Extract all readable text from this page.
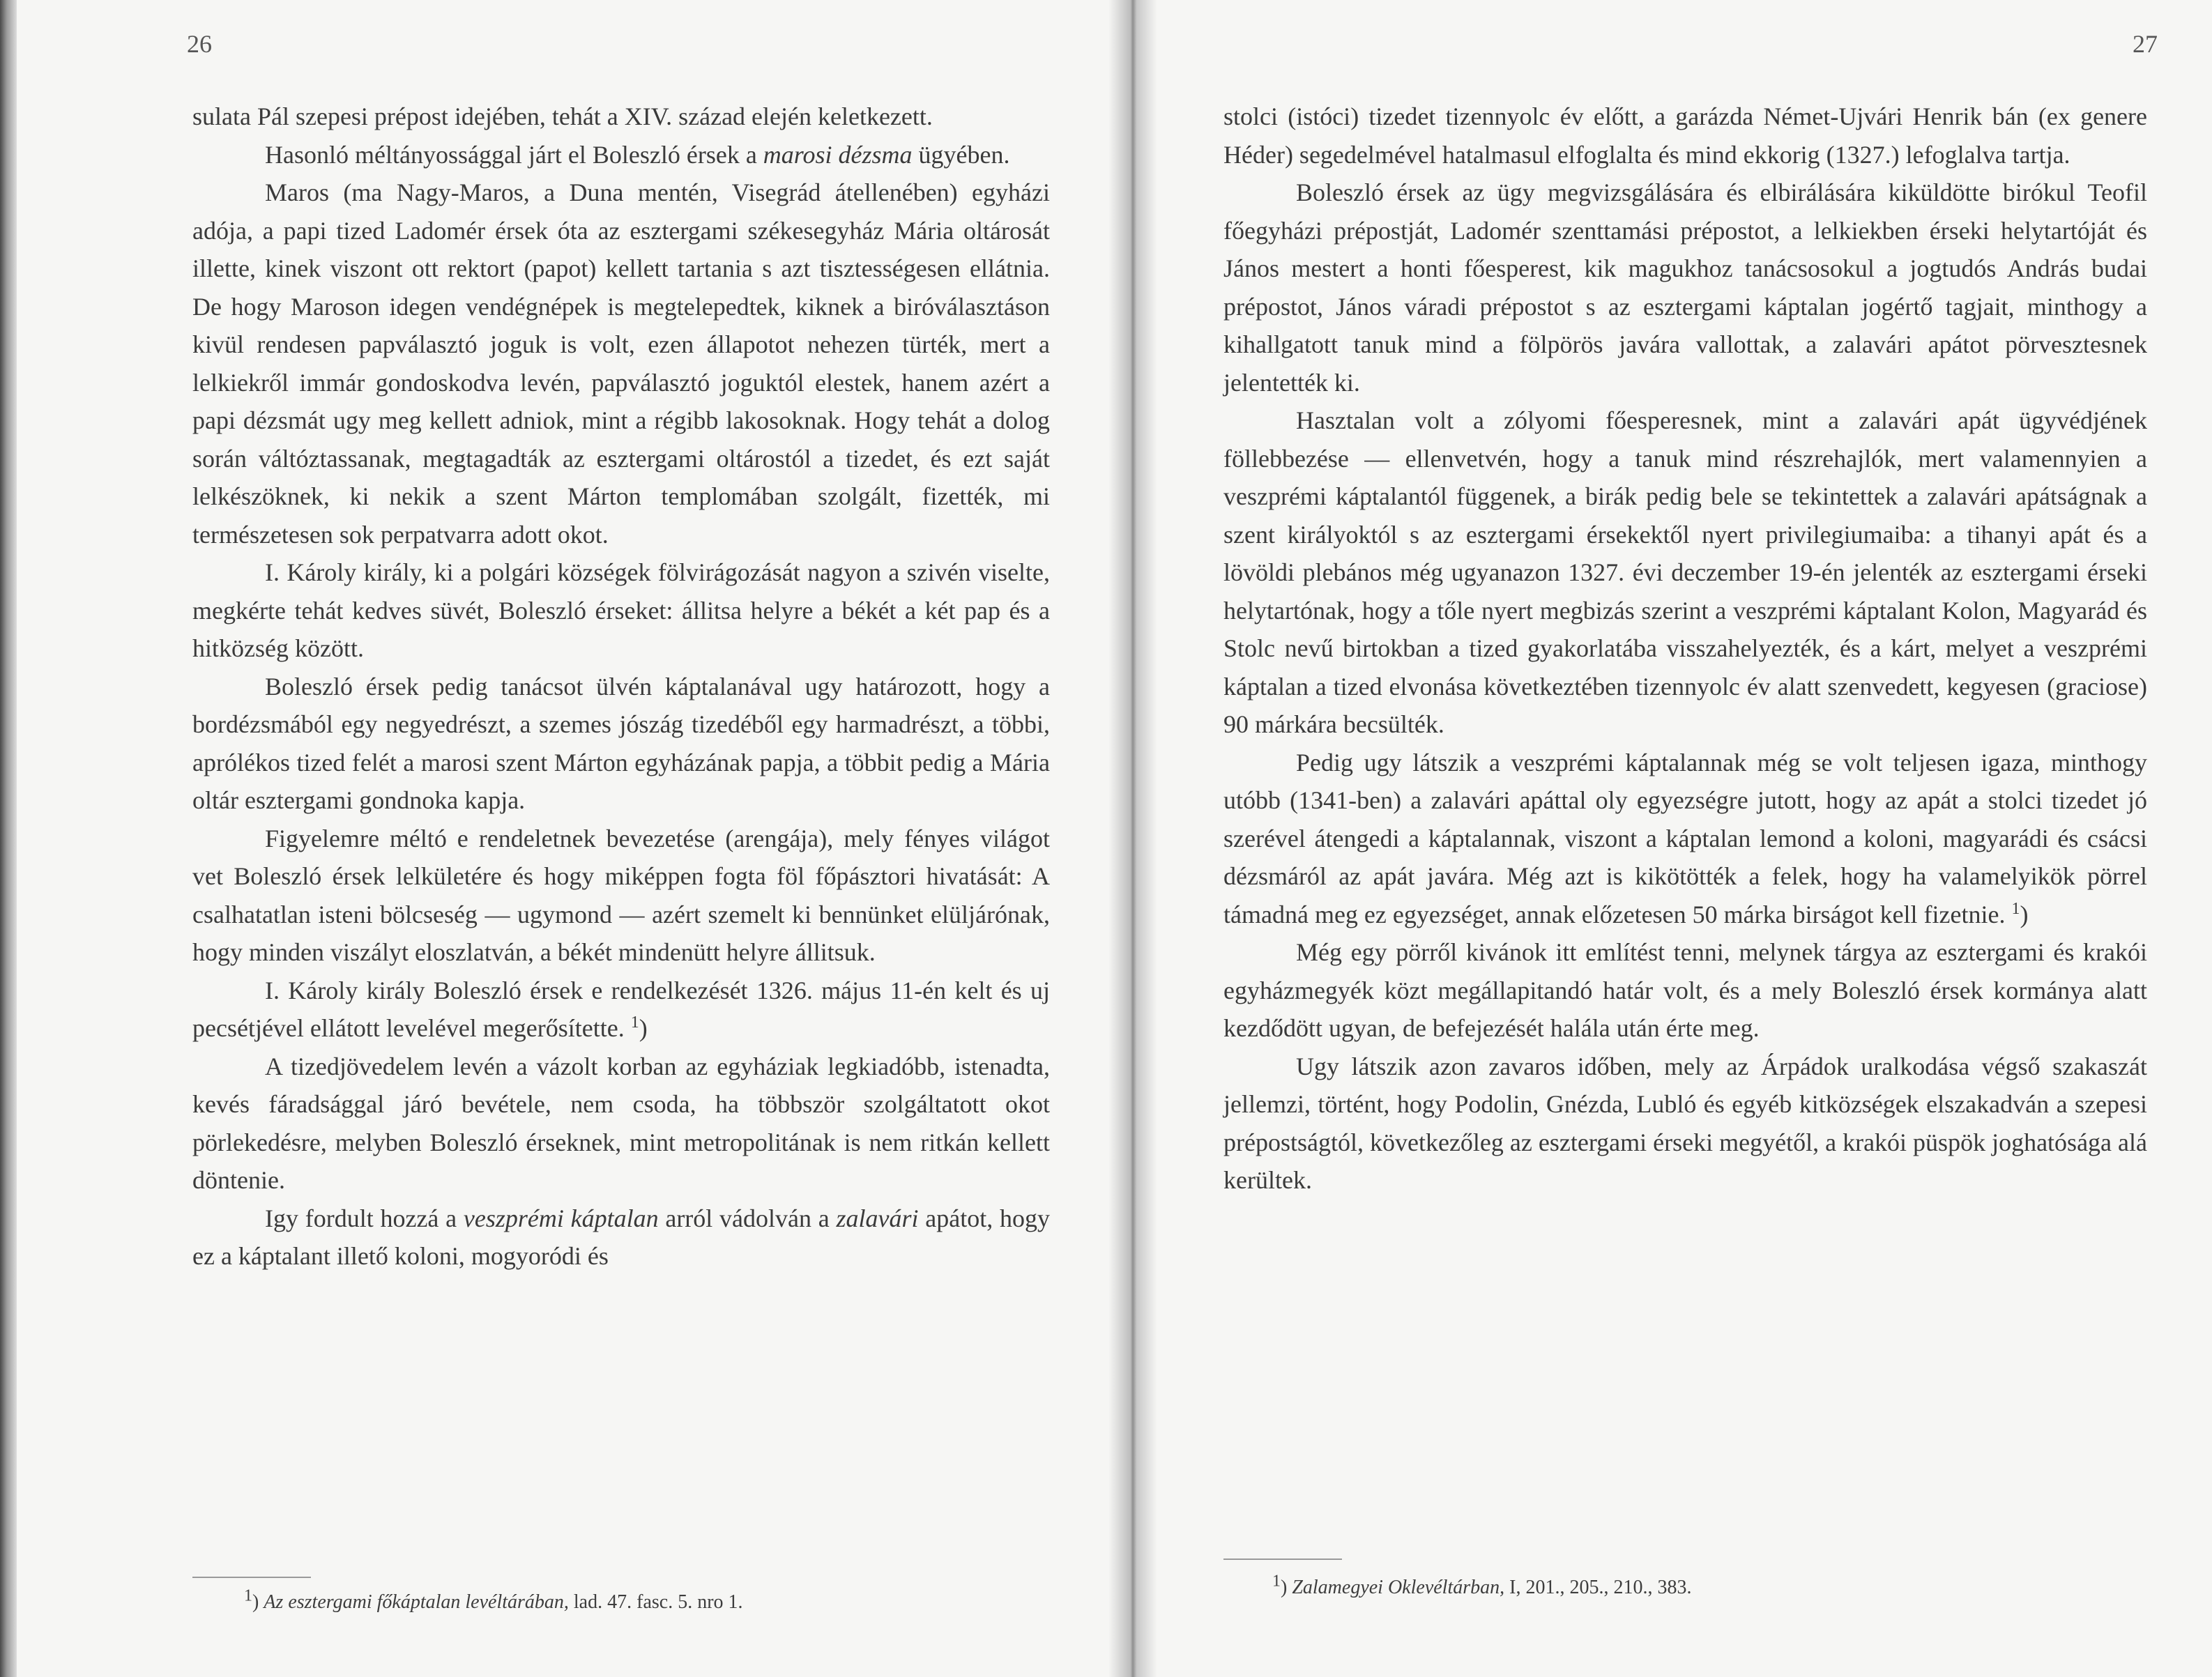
26

sulata Pál szepesi prépost idejében, tehát a XIV. század elején keletkezett.

Hasonló méltányossággal járt el Boleszló érsek a marosi dézsma ügyében.

Maros (ma Nagy-Maros, a Duna mentén, Visegrád átellenében) egyházi adója, a papi tized Ladomér érsek óta az esztergami székesegyház Mária oltárosát illette, kinek viszont ott rektort (papot) kellett tartania s azt tisztességesen ellátnia. De hogy Maroson idegen vendégnépek is megtelepedtek, kiknek a biróválasztáson kivül rendesen papválasztó joguk is volt, ezen állapotot nehezen türték, mert a lelkiekről immár gondoskodva levén, papválasztó joguktól elestek, hanem azért a papi dézsmát ugy meg kellett adniok, mint a régibb lakosoknak. Hogy tehát a dolog során váltóztassanak, megtagadták az esztergami oltárostól a tizedet, és ezt saját lelkészöknek, ki nekik a szent Márton templomában szolgált, fizették, mi természetesen sok perpatvarra adott okot.

I. Károly király, ki a polgári községek fölvirágozását nagyon a szivén viselte, megkérte tehát kedves süvét, Boleszló érseket: állitsa helyre a békét a két pap és a hitközség között.

Boleszló érsek pedig tanácsot ülvén káptalanával ugy határozott, hogy a bordézsmából egy negyedrészt, a szemes jószág tizedéből egy harmadrészt, a többi, aprólékos tized felét a marosi szent Márton egyházának papja, a többit pedig a Mária oltár esztergami gondnoka kapja.

Figyelemre méltó e rendeletnek bevezetése (arengája), mely fényes világot vet Boleszló érsek lelkületére és hogy miképpen fogta föl főpásztori hivatását: A csalhatatlan isteni bölcseség — ugymond — azért szemelt ki bennünket elüljárónak, hogy minden viszályt eloszlatván, a békét mindenütt helyre állitsuk.

I. Károly király Boleszló érsek e rendelkezését 1326. május 11-én kelt és uj pecsétjével ellátott levelével megerősítette. $^1$)

A tizedjövedelem levén a vázolt korban az egyháziak legkiadóbb, istenadta, kevés fáradsággal járó bevétele, nem csoda, ha többször szolgáltatott okot pörlekedésre, melyben Boleszló érseknek, mint metropolitának is nem ritkán kellett döntenie.

Igy fordult hozzá a veszprémi káptalan arról vádolván a zalavári apátot, hogy ez a káptalant illető koloni, mogyoródi és

$^1$) Az esztergami főkáptalan levéltárában, lad. 47. fasc. 5. nro 1.
27

stolci (istóci) tizedet tizennyolc év előtt, a garázda Német-Ujvári Henrik bán (ex genere Héder) segedelmével hatalmasul elfoglalta és mind ekkorig (1327.) lefoglalva tartja.

Boleszló érsek az ügy megvizsgálására és elbirálására kiküldötte birókul Teofil főegyházi prépostját, Ladomér szenttamási prépostot, a lelkiekben érseki helytartóját és János mestert a honti főesperest, kik magukhoz tanácsosokul a jogtudós András budai prépostot, János váradi prépostot s az esztergami káptalan jogértő tagjait, minthogy a kihallgatott tanuk mind a fölpörös javára vallottak, a zalavári apátot pörvesztesnek jelentették ki.

Hasztalan volt a zólyomi főesperesnek, mint a zalavári apát ügyvédjének föllebbezése — ellenvetvén, hogy a tanuk mind részrehajlók, mert valamennyien a veszprémi káptalantól függenek, a birák pedig bele se tekintettek a zalavári apátságnak a szent királyoktól s az esztergami érsekektől nyert privilegiumaiba: a tihanyi apát és a lövöldi plebános még ugyanazon 1327. évi deczember 19-én jelenték az esztergami érseki helytartónak, hogy a tőle nyert megbizás szerint a veszprémi káptalant Kolon, Magyarád és Stolc nevű birtokban a tized gyakorlatába visszahelyezték, és a kárt, melyet a veszprémi káptalan a tized elvonása következtében tizennyolc év alatt szenvedett, kegyesen (graciose) 90 márkára becsülték.

Pedig ugy látszik a veszprémi káptalannak még se volt teljesen igaza, minthogy utóbb (1341-ben) a zalavári apáttal oly egyezségre jutott, hogy az apát a stolci tizedet jó szerével átengedi a káptalannak, viszont a káptalan lemond a koloni, magyarádi és csácsi dézsmáról az apát javára. Még azt is kikötötték a felek, hogy ha valamelyikök pörrel támadná meg ez egyezséget, annak előzetesen 50 márka birságot kell fizetnie. $^1$)

Még egy pörről kivánok itt említést tenni, melynek tárgya az esztergami és krakói egyházmegyék közt megállapitandó határ volt, és a mely Boleszló érsek kormánya alatt kezdődött ugyan, de befejezését halála után érte meg.

Ugy látszik azon zavaros időben, mely az Árpádok uralkodása végső szakaszát jellemzi, történt, hogy Podolin, Gnézda, Lubló és egyéb kitközségek elszakadván a szepesi prépostságtól, következőleg az esztergami érseki megyétől, a krakói püspök joghatósága alá kerültek.

$^1$) Zalamegyei Oklevéltárban, I, 201., 205., 210., 383.
